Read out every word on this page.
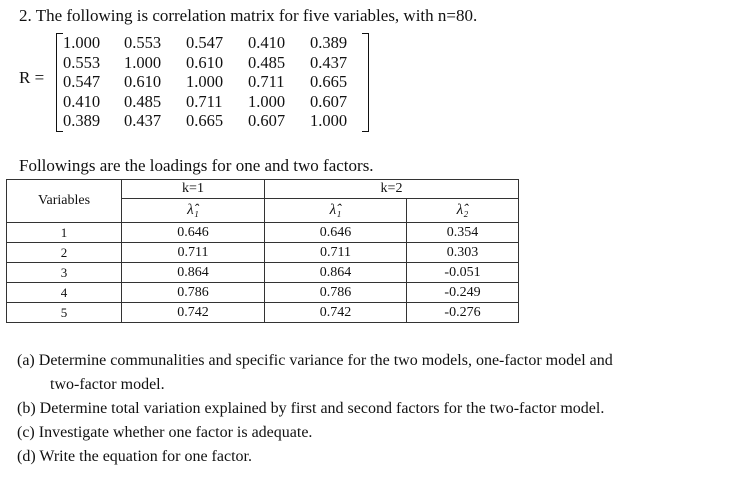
2. The following is correlation matrix for five variables, with n=80.
R =
1.000	0.553	0.547	0.410	0.389
0.553	1.000	0.610	0.485	0.437
0.547	0.610	1.000	0.711	0.665
0.410	0.485	0.711	1.000	0.607
0.389	0.437	0.665	0.607	1.000
Followings are the loadings for one and two factors.
Variables	k=1	k=2		
	λ̂₁	λ̂₁	λ̂₂	
1	0.646	0.646	0.354	
2	0.711	0.711	0.303	
3	0.864	0.864	-0.051	
4	0.786	0.786	-0.249	
5	0.742	0.742	-0.276	
(a) Determine communalities and specific variance for the two models, one-factor model and
two-factor model.
(b) Determine total variation explained by first and second factors for the two-factor model.
(c) Investigate whether one factor is adequate.
(d) Write the equation for one factor.
